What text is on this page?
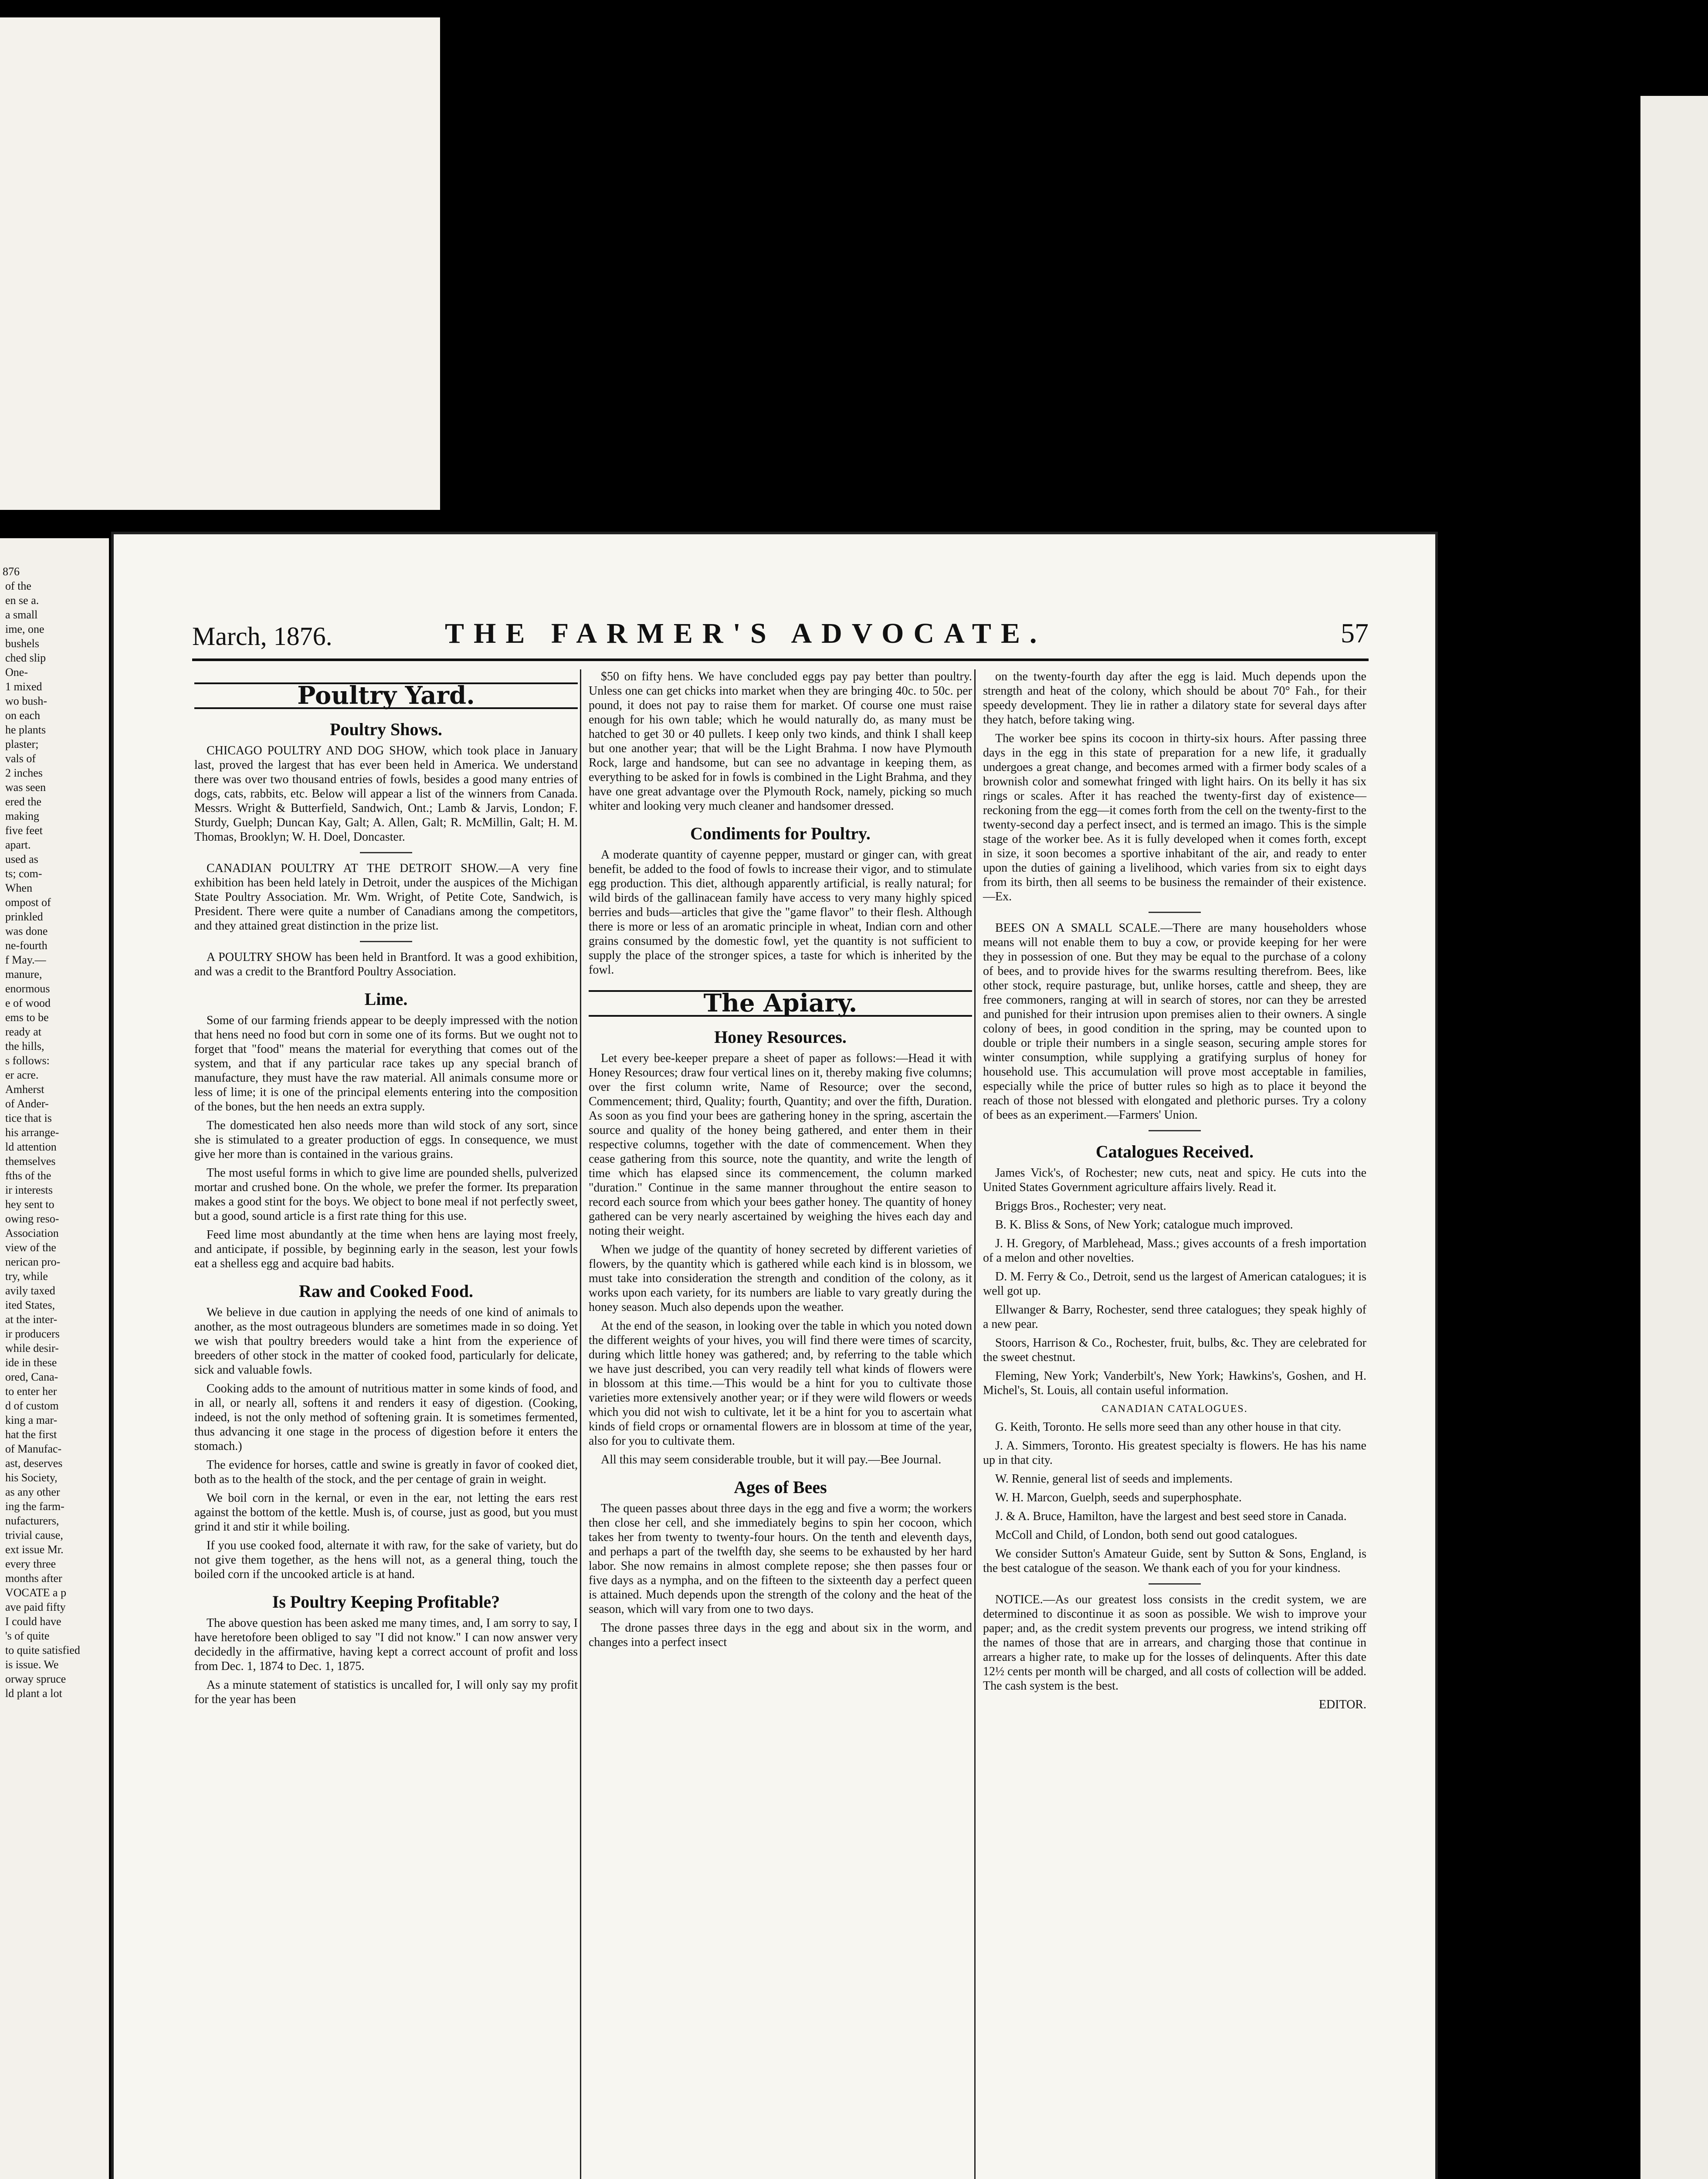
876
of the
en se a.
a small
ime, one
bushels
ched slip
One-
1 mixed
wo bush-
on each
he plants
plaster;
vals of
2 inches
was seen
ered the
making
five feet
apart.
used as
ts; com-
When
ompost of
prinkled
was done
ne-fourth
f May.—
manure,
enormous
e of wood
ems to be
ready at
the hills,
s follows:
er acre.
Amherst
of Ander-
tice that is
his arrange-
ld attention
themselves
fths of the
ir interests
hey sent to
owing reso-
Association
view of the
nerican pro-
try, while
avily taxed
ited States,
at the inter-
ir producers
while desir-
ide in these
ored, Cana-
to enter her
d of custom
king a mar-
hat the first
of Manufac-
ast, deserves
his Society,
as any other
ing the farm-
nufacturers,
trivial cause,
ext issue Mr.
every three
months after
VOCATE a p
ave paid fifty
I could have
's of quite
to quite satisfied
is issue. We
orway spruce
ld plant a lot
March, 1876.	THE FARMER'S ADVOCATE.	57
Poultry Yard.
Poultry Shows.

CHICAGO POULTRY AND DOG SHOW, which took place in January last, proved the largest that has ever been held in America. We understand there was over two thousand entries of fowls, besides a good many entries of dogs, cats, rabbits, etc. Below will appear a list of the winners from Canada. Messrs. Wright & Butterfield, Sandwich, Ont.; Lamb & Jarvis, London; F. Sturdy, Guelph; Duncan Kay, Galt; A. Allen, Galt; R. McMillin, Galt; H. M. Thomas, Brooklyn; W. H. Doel, Doncaster.

CANADIAN POULTRY AT THE DETROIT SHOW.—A very fine exhibition has been held lately in Detroit, under the auspices of the Michigan State Poultry Association. Mr. Wm. Wright, of Petite Cote, Sandwich, is President. There were quite a number of Canadians among the competitors, and they attained great distinction in the prize list.

A POULTRY SHOW has been held in Brantford. It was a good exhibition, and was a credit to the Brantford Poultry Association.

Lime.

Some of our farming friends appear to be deeply impressed with the notion that hens need no food but corn in some one of its forms. But we ought not to forget that "food" means the material for everything that comes out of the system, and that if any particular race takes up any special branch of manufacture, they must have the raw material. All animals consume more or less of lime; it is one of the principal elements entering into the composition of the bones, but the hen needs an extra supply.

The domesticated hen also needs more than wild stock of any sort, since she is stimulated to a greater production of eggs. In consequence, we must give her more than is contained in the various grains.

The most useful forms in which to give lime are pounded shells, pulverized mortar and crushed bone. On the whole, we prefer the former. Its preparation makes a good stint for the boys. We object to bone meal if not perfectly sweet, but a good, sound article is a first rate thing for this use.

Feed lime most abundantly at the time when hens are laying most freely, and anticipate, if possible, by beginning early in the season, lest your fowls eat a shelless egg and acquire bad habits.

Raw and Cooked Food.

We believe in due caution in applying the needs of one kind of animals to another, as the most outrageous blunders are sometimes made in so doing. Yet we wish that poultry breeders would take a hint from the experience of breeders of other stock in the matter of cooked food, particularly for delicate, sick and valuable fowls.

Cooking adds to the amount of nutritious matter in some kinds of food, and in all, or nearly all, softens it and renders it easy of digestion. (Cooking, indeed, is not the only method of softening grain. It is sometimes fermented, thus advancing it one stage in the process of digestion before it enters the stomach.)

The evidence for horses, cattle and swine is greatly in favor of cooked diet, both as to the health of the stock, and the per centage of grain in weight.

We boil corn in the kernal, or even in the ear, not letting the ears rest against the bottom of the kettle. Mush is, of course, just as good, but you must grind it and stir it while boiling.

If you use cooked food, alternate it with raw, for the sake of variety, but do not give them together, as the hens will not, as a general thing, touch the boiled corn if the uncooked article is at hand.

Is Poultry Keeping Profitable?

The above question has been asked me many times, and, I am sorry to say, I have heretofore been obliged to say "I did not know." I can now answer very decidedly in the affirmative, having kept a correct account of profit and loss from Dec. 1, 1874 to Dec. 1, 1875.

As a minute statement of statistics is uncalled for, I will only say my profit for the year has been

$50 on fifty hens. We have concluded eggs pay pay better than poultry. Unless one can get chicks into market when they are bringing 40c. to 50c. per pound, it does not pay to raise them for market. Of course one must raise enough for his own table; which he would naturally do, as many must be hatched to get 30 or 40 pullets. I keep only two kinds, and think I shall keep but one another year; that will be the Light Brahma. I now have Plymouth Rock, large and handsome, but can see no advantage in keeping them, as everything to be asked for in fowls is combined in the Light Brahma, and they have one great advantage over the Plymouth Rock, namely, picking so much whiter and looking very much cleaner and handsomer dressed.

Condiments for Poultry.

A moderate quantity of cayenne pepper, mustard or ginger can, with great benefit, be added to the food of fowls to increase their vigor, and to stimulate egg production. This diet, although apparently artificial, is really natural; for wild birds of the gallinacean family have access to very many highly spiced berries and buds—articles that give the "game flavor" to their flesh. Although there is more or less of an aromatic principle in wheat, Indian corn and other grains consumed by the domestic fowl, yet the quantity is not sufficient to supply the place of the stronger spices, a taste for which is inherited by the fowl.

The Apiary.
Honey Resources.

Let every bee-keeper prepare a sheet of paper as follows:—Head it with Honey Resources; draw four vertical lines on it, thereby making five columns; over the first column write, Name of Resource; over the second, Commencement; third, Quality; fourth, Quantity; and over the fifth, Duration. As soon as you find your bees are gathering honey in the spring, ascertain the source and quality of the honey being gathered, and enter them in their respective columns, together with the date of commencement. When they cease gathering from this source, note the quantity, and write the length of time which has elapsed since its commencement, the column marked "duration." Continue in the same manner throughout the entire season to record each source from which your bees gather honey. The quantity of honey gathered can be very nearly ascertained by weighing the hives each day and noting their weight.

When we judge of the quantity of honey secreted by different varieties of flowers, by the quantity which is gathered while each kind is in blossom, we must take into consideration the strength and condition of the colony, as it works upon each variety, for its numbers are liable to vary greatly during the honey season. Much also depends upon the weather.

At the end of the season, in looking over the table in which you noted down the different weights of your hives, you will find there were times of scarcity, during which little honey was gathered; and, by referring to the table which we have just described, you can very readily tell what kinds of flowers were in blossom at this time.—This would be a hint for you to cultivate those varieties more extensively another year; or if they were wild flowers or weeds which you did not wish to cultivate, let it be a hint for you to ascertain what kinds of field crops or ornamental flowers are in blossom at time of the year, also for you to cultivate them.

All this may seem considerable trouble, but it will pay.—Bee Journal.

Ages of Bees

The queen passes about three days in the egg and five a worm; the workers then close her cell, and she immediately begins to spin her cocoon, which takes her from twenty to twenty-four hours. On the tenth and eleventh days, and perhaps a part of the twelfth day, she seems to be exhausted by her hard labor. She now remains in almost complete repose; she then passes four or five days as a nympha, and on the fifteen to the sixteenth day a perfect queen is attained. Much depends upon the strength of the colony and the heat of the season, which will vary from one to two days.

The drone passes three days in the egg and about six in the worm, and changes into a perfect insect

on the twenty-fourth day after the egg is laid. Much depends upon the strength and heat of the colony, which should be about 70° Fah., for their speedy development. They lie in rather a dilatory state for several days after they hatch, before taking wing.

The worker bee spins its cocoon in thirty-six hours. After passing three days in the egg in this state of preparation for a new life, it gradually undergoes a great change, and becomes armed with a firmer body scales of a brownish color and somewhat fringed with light hairs. On its belly it has six rings or scales. After it has reached the twenty-first day of existence—reckoning from the egg—it comes forth from the cell on the twenty-first to the twenty-second day a perfect insect, and is termed an imago. This is the simple stage of the worker bee. As it is fully developed when it comes forth, except in size, it soon becomes a sportive inhabitant of the air, and ready to enter upon the duties of gaining a livelihood, which varies from six to eight days from its birth, then all seems to be business the remainder of their existence.—Ex.

BEES ON A SMALL SCALE.—There are many householders whose means will not enable them to buy a cow, or provide keeping for her were they in possession of one. But they may be equal to the purchase of a colony of bees, and to provide hives for the swarms resulting therefrom. Bees, like other stock, require pasturage, but, unlike horses, cattle and sheep, they are free commoners, ranging at will in search of stores, nor can they be arrested and punished for their intrusion upon premises alien to their owners. A single colony of bees, in good condition in the spring, may be counted upon to double or triple their numbers in a single season, securing ample stores for winter consumption, while supplying a gratifying surplus of honey for household use. This accumulation will prove most acceptable in families, especially while the price of butter rules so high as to place it beyond the reach of those not blessed with elongated and plethoric purses. Try a colony of bees as an experiment.—Farmers' Union.

Catalogues Received.

James Vick's, of Rochester; new cuts, neat and spicy. He cuts into the United States Government agriculture affairs lively. Read it.

Briggs Bros., Rochester; very neat.

B. K. Bliss & Sons, of New York; catalogue much improved.

J. H. Gregory, of Marblehead, Mass.; gives accounts of a fresh importation of a melon and other novelties.

D. M. Ferry & Co., Detroit, send us the largest of American catalogues; it is well got up.

Ellwanger & Barry, Rochester, send three catalogues; they speak highly of a new pear.

Stoors, Harrison & Co., Rochester, fruit, bulbs, &c. They are celebrated for the sweet chestnut.

Fleming, New York; Vanderbilt's, New York; Hawkins's, Goshen, and H. Michel's, St. Louis, all contain useful information.

CANADIAN CATALOGUES.

G. Keith, Toronto. He sells more seed than any other house in that city.

J. A. Simmers, Toronto. His greatest specialty is flowers. He has his name up in that city.

W. Rennie, general list of seeds and implements.

W. H. Marcon, Guelph, seeds and superphosphate.

J. & A. Bruce, Hamilton, have the largest and best seed store in Canada.

McColl and Child, of London, both send out good catalogues.

We consider Sutton's Amateur Guide, sent by Sutton & Sons, England, is the best catalogue of the season. We thank each of you for your kindness.

NOTICE.—As our greatest loss consists in the credit system, we are determined to discontinue it as soon as possible. We wish to improve your paper; and, as the credit system prevents our progress, we intend striking off the names of those that are in arrears, and charging those that continue in arrears a higher rate, to make up for the losses of delinquents. After this date 12½ cents per month will be charged, and all costs of collection will be added. The cash system is the best.

EDITOR.
